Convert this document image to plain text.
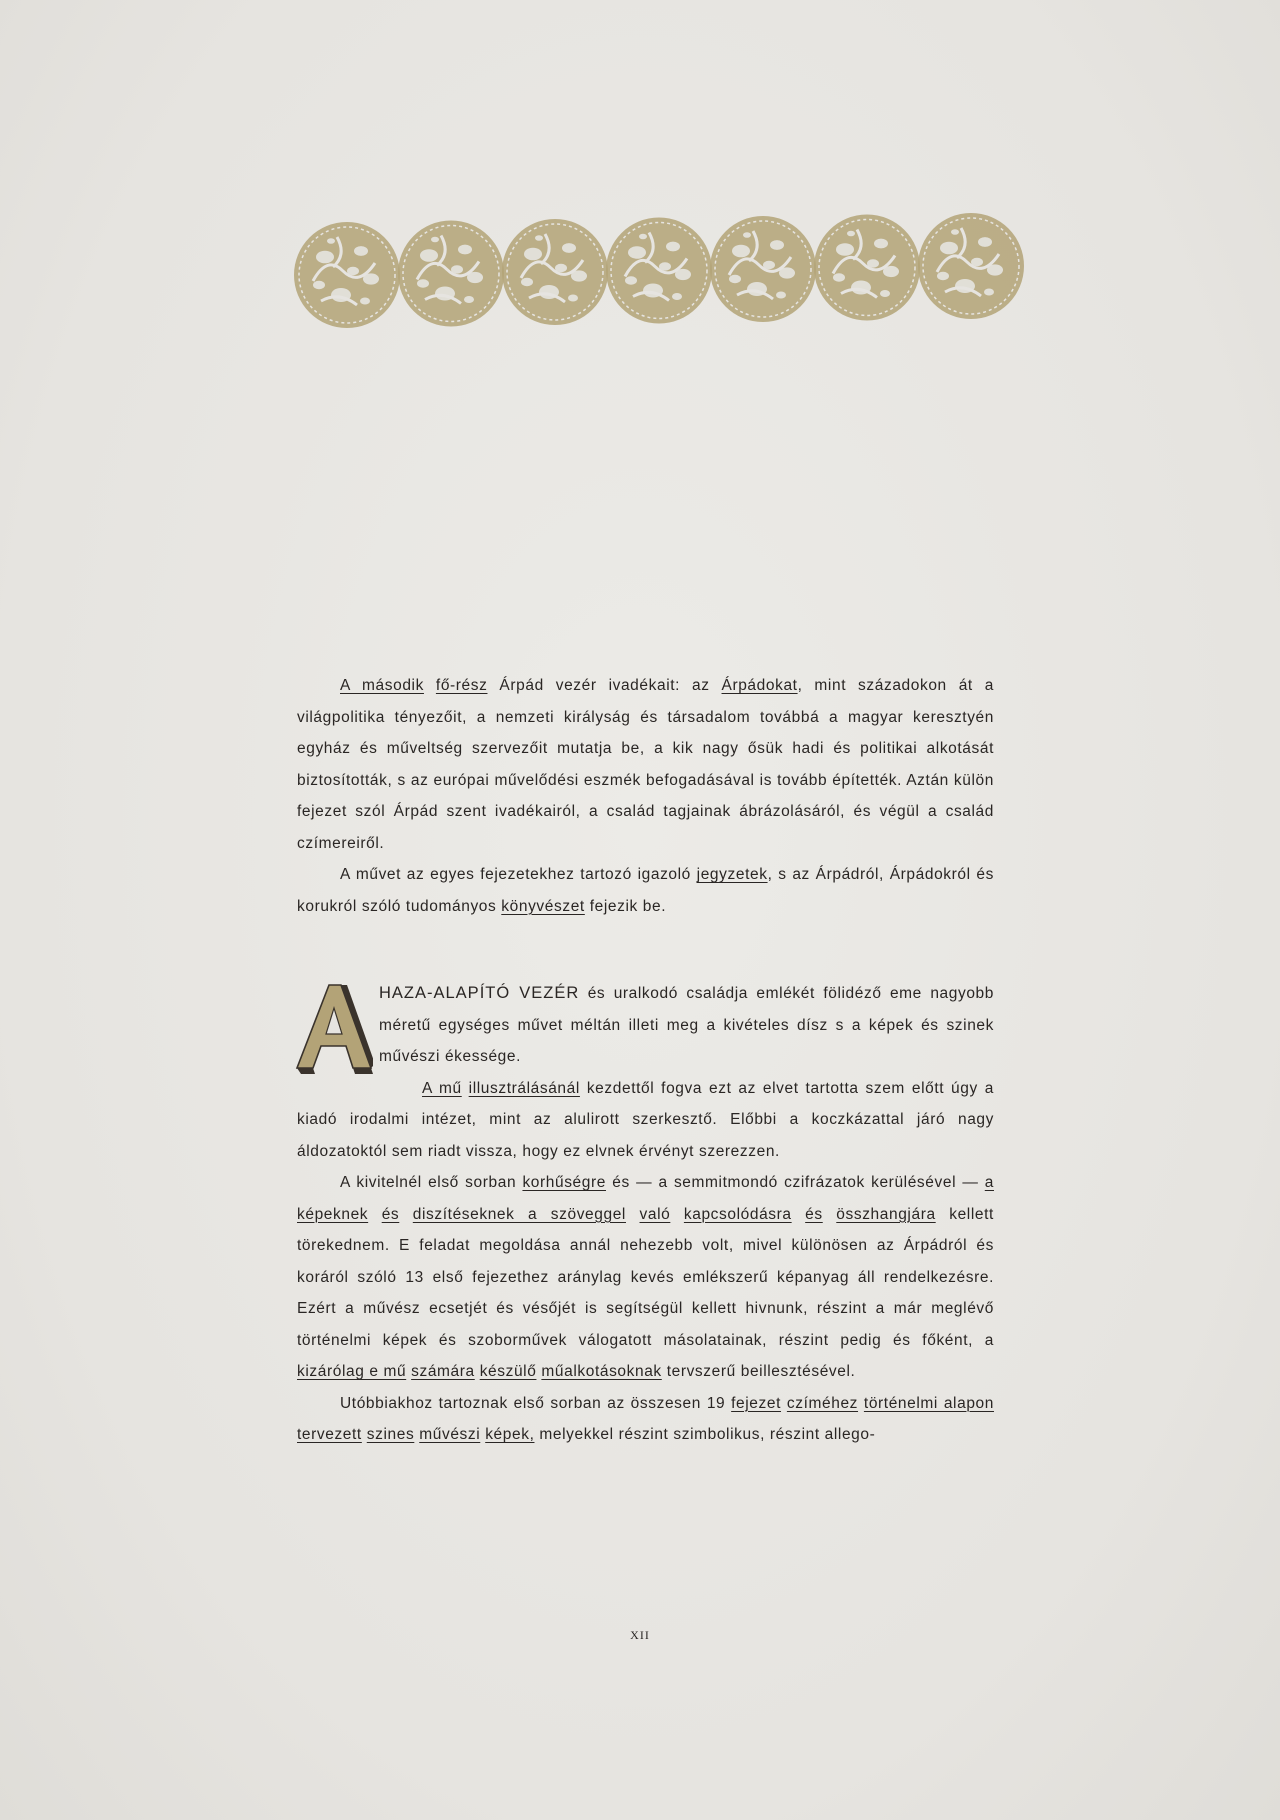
A második fő-rész Árpád vezér ivadékait: az Árpádokat, mint századokon át a világpolitika tényezőit, a nemzeti királyság és társadalom továbbá a magyar keresztyén egyház és műveltség szervezőit mutatja be, a kik nagy ősük hadi és politikai alkotását biztosították, s az európai művelődési eszmék befogadásával is tovább építették. Aztán külön fejezet szól Árpád szent ivadékairól, a család tagjainak ábrázolásáról, és végül a család czímereiről.

A művet az egyes fejezetekhez tartozó igazoló jegyzetek, s az Árpádról, Árpádokról és korukról szóló tudományos könyvészet fejezik be.

HAZA-ALAPÍTÓ VEZÉR és uralkodó családja emlékét fölidéző eme nagyobb méretű egységes művet méltán illeti meg a kivételes dísz s a képek és szinek művészi ékessége.

A mű illusztrálásánál kezdettől fogva ezt az elvet tartotta szem előtt úgy a kiadó irodalmi intézet, mint az alulirott szerkesztő. Előbbi a koczkázattal járó nagy áldozatoktól sem riadt vissza, hogy ez elvnek érvényt szerezzen.

A kivitelnél első sorban korhűségre és — a semmitmondó czifrázatok kerülésével — a képeknek és diszítéseknek a szöveggel való kapcsolódásra és összhangjára kellett törekednem. E feladat megoldása annál nehezebb volt, mivel különösen az Árpádról és koráról szóló 13 első fejezethez aránylag kevés emlékszerű képanyag áll rendelkezésre. Ezért a művész ecsetjét és vésőjét is segítségül kellett hivnunk, részint a már meglévő történelmi képek és szoborművek válogatott másolatainak, részint pedig és főként, a kizárólag e mű számára készülő műalkotásoknak tervszerű beillesztésével.

Utóbbiakhoz tartoznak első sorban az összesen 19 fejezet czíméhez történelmi alapon tervezett szines művészi képek, melyekkel részint szimbolikus, részint allego-

XII
